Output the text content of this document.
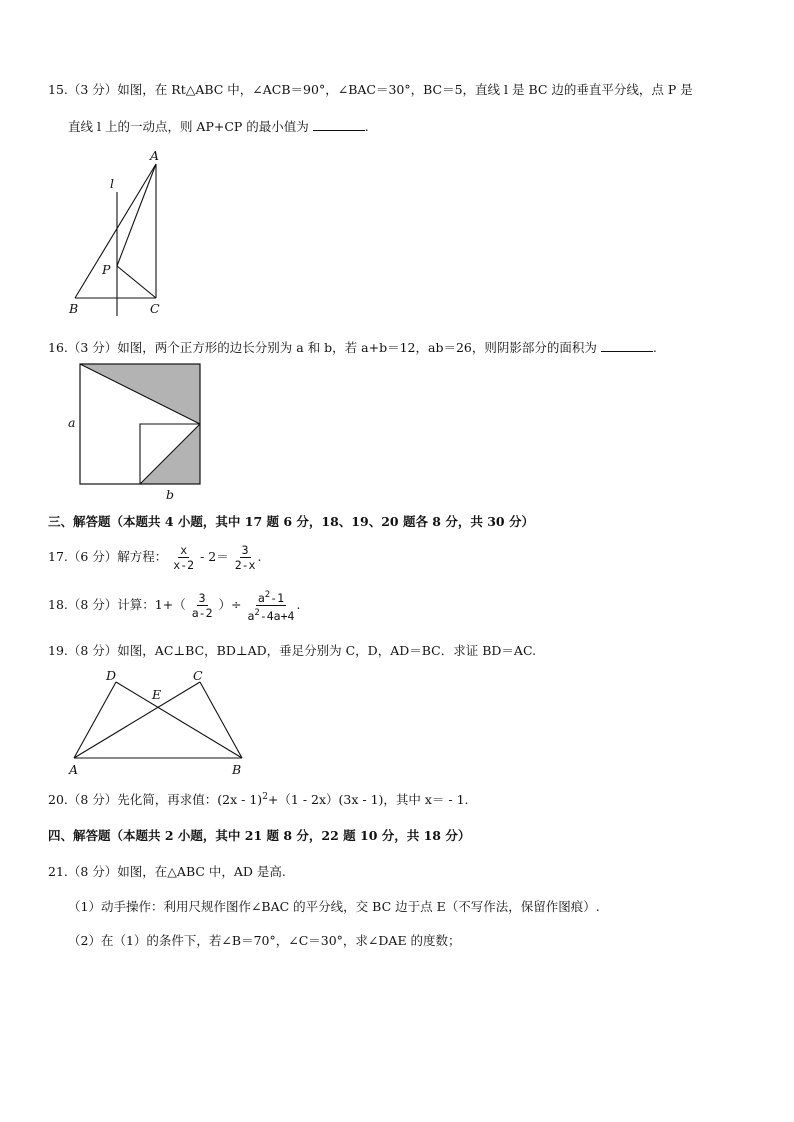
15.（3 分）如图，在 Rt△ABC 中，∠ACB＝90°，∠BAC＝30°，BC＝5，直线 l 是 BC 边的垂直平分线，点 P 是
直线 l 上的一动点，则 AP+CP 的最小值为	.
A
l
P
B	C
16.（3 分）如图，两个正方形的边长分别为 a 和 b，若 a+b＝12，ab＝26，则阴影部分的面积为	.
a
b
三、解答题（本题共 4 小题，其中 17 题 6 分，18、19、20 题各 8 分，共 30 分）
17.（6 分）解方程： $\frac{x}{x-2} - 2= \frac{3}{2-x}$ .
18.（8 分）计算：$1+( \frac{3}{a-2}$ ）÷ $\frac{a^2-1}{a^2-4a+4}$ .
19.（8 分）如图，AC⊥BC，BD⊥AD，垂足分别为 C，D，AD＝BC．求证 BD＝AC.
D	C
E
A	B
20.（8 分）先化简，再求值：(2x - 1)$^2$+（1 - 2x）(3x - 1)，其中 x＝ - 1.
四、解答题（本题共 2 小题，其中 21 题 8 分，22 题 10 分，共 18 分）
21.（8 分）如图，在△ABC 中，AD 是高.
（1）动手操作：利用尺规作图作∠BAC 的平分线，交 BC 边于点 E（不写作法，保留作图痕）.
（2）在（1）的条件下，若∠B＝70°，∠C＝30°，求∠DAE 的度数；
